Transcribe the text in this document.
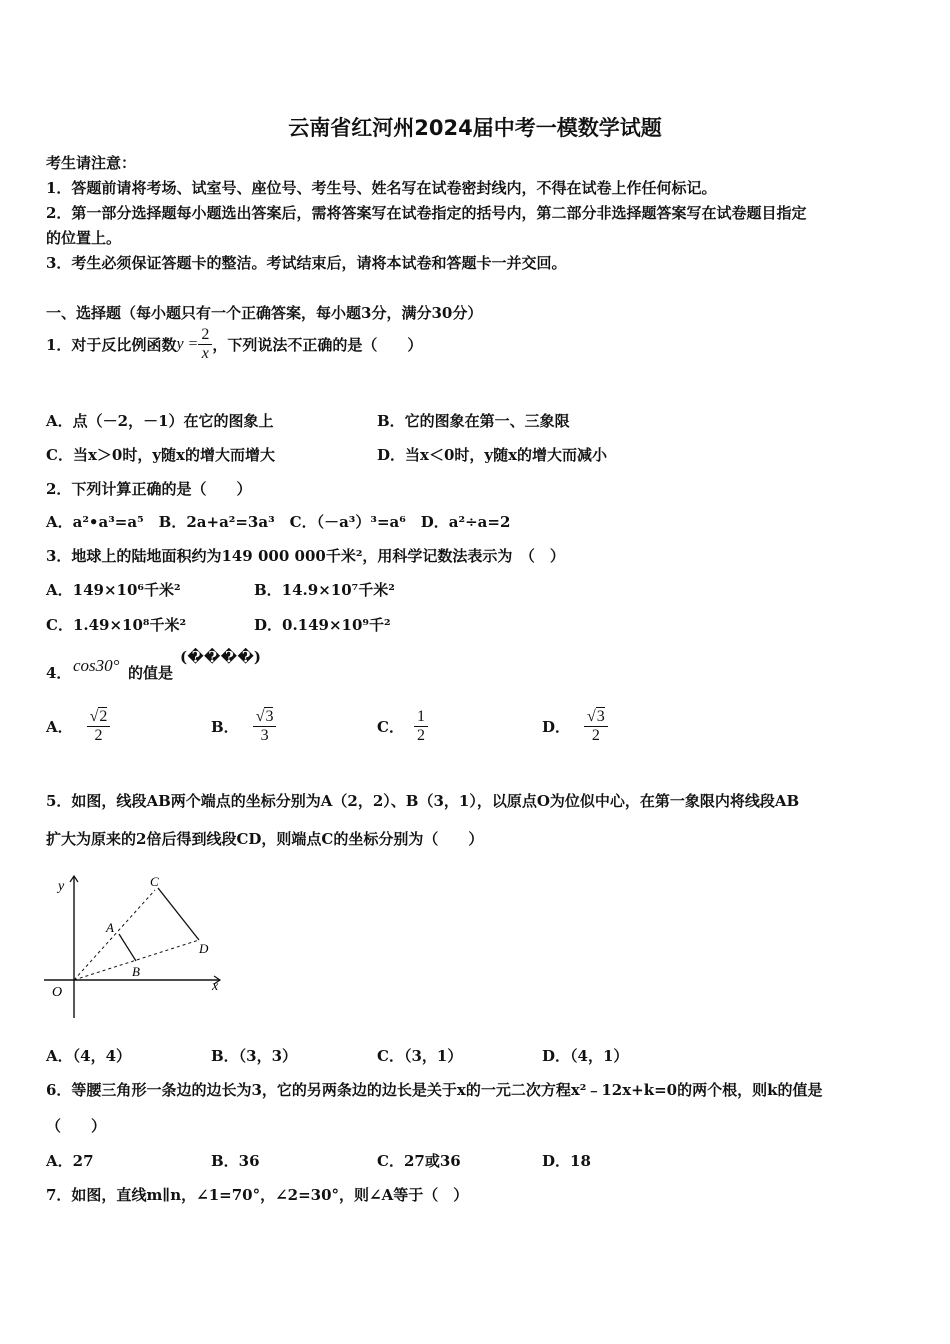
云南省红河州2024届中考一模数学试题
考生请注意：
1．答题前请将考场、试室号、座位号、考生号、姓名写在试卷密封线内，不得在试卷上作任何标记。
2．第一部分选择题每小题选出答案后，需将答案写在试卷指定的括号内，第二部分非选择题答案写在试卷题目指定
的位置上。
3．考生必须保证答题卡的整洁。考试结束后，请将本试卷和答题卡一并交回。
一、选择题（每小题只有一个正确答案，每小题3分，满分30分）
1．对于反比例函数$y = \frac{2}{x}$ ，下列说法不正确的是（　　）
A．点（－2，－1）在它的图象上	B．它的图象在第一、三象限
C．当x＞0时，y随x的增大而增大	D．当x＜0时，y随x的增大而减小
2．下列计算正确的是（　　）
A．a²•a³=a⁵　B．2a+a²=3a³　C．（－a³）³=a⁶　D．a²÷a=2
3．地球上的陆地面积约为149 000 000千米²，用科学记数法表示为　（　）
A．149×10⁶千米²	B．14.9×10⁷千米²
C．1.49×10⁸千米²	D．0.149×10⁹千²
4． cos30° 的值是
(����)
A． $\frac{√2}{2}$	B． $\frac{√3}{3}$	C． $\frac{1}{2}$	D． $\frac{√3}{2}$
5．如图，线段AB两个端点的坐标分别为A（2，2）、B（3，1），以原点O为位似中心，在第一象限内将线段AB
扩大为原来的2倍后得到线段CD，则端点C的坐标分别为（　　）
y
x
O
A
B
C
D
A．（4，4）	B．（3，3）	C．（3，1）	D．（4，1）
6．等腰三角形一条边的边长为3，它的另两条边的边长是关于x的一元二次方程x²﹣12x+k=0的两个根，则k的值是
（　　）
A．27	B．36	C．27或36	D．18
7．如图，直线m∥n，∠1=70°，∠2=30°，则∠A等于（　）
